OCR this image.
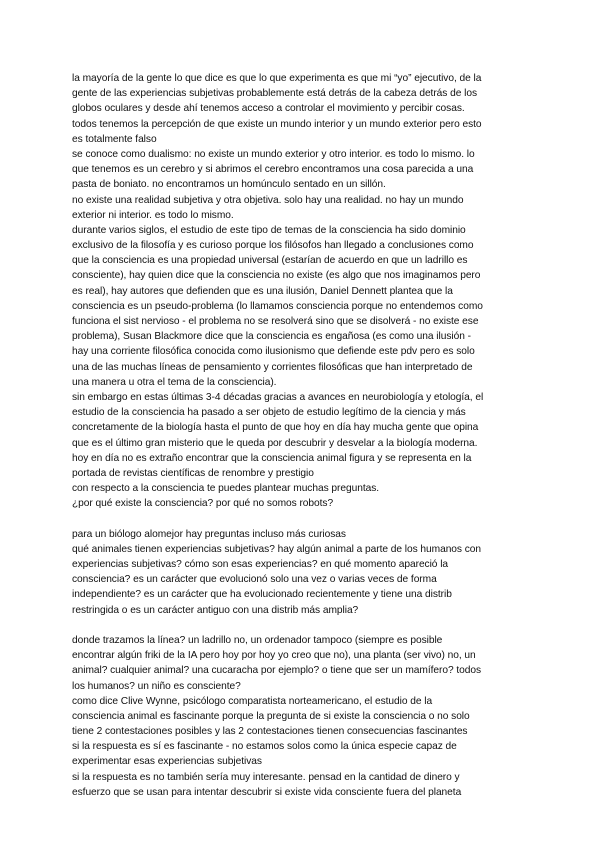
la mayoría de la gente lo que dice es que lo que experimenta es que mi “yo” ejecutivo, de la
gente de las experiencias subjetivas probablemente está detrás de la cabeza detrás de los
globos oculares y desde ahí tenemos acceso a controlar el movimiento y percibir cosas.
todos tenemos la percepción de que existe un mundo interior y un mundo exterior pero esto
es totalmente falso
se conoce como dualismo: no existe un mundo exterior y otro interior. es todo lo mismo. lo
que tenemos es un cerebro y si abrimos el cerebro encontramos una cosa parecida a una
pasta de boniato. no encontramos un homúnculo sentado en un sillón.
no existe una realidad subjetiva y otra objetiva. solo hay una realidad. no hay un mundo
exterior ni interior. es todo lo mismo.
durante varios siglos, el estudio de este tipo de temas de la consciencia ha sido dominio
exclusivo de la filosofía y es curioso porque los filósofos han llegado a conclusiones como
que la consciencia es una propiedad universal (estarían de acuerdo en que un ladrillo es
consciente), hay quien dice que la consciencia no existe (es algo que nos imaginamos pero
es real), hay autores que defienden que es una ilusión, Daniel Dennett plantea que la
consciencia es un pseudo-problema (lo llamamos consciencia porque no entendemos como
funciona el sist nervioso - el problema no se resolverá sino que se disolverá - no existe ese
problema), Susan Blackmore dice que la consciencia es engañosa (es como una ilusión -
hay una corriente filosófica conocida como ilusionismo que defiende este pdv pero es solo
una de las muchas líneas de pensamiento y corrientes filosóficas que han interpretado de
una manera u otra el tema de la consciencia).
sin embargo en estas últimas 3-4 décadas gracias a avances en neurobiología y etología, el
estudio de la consciencia ha pasado a ser objeto de estudio legítimo de la ciencia y más
concretamente de la biología hasta el punto de que hoy en día hay mucha gente que opina
que es el último gran misterio que le queda por descubrir y desvelar a la biología moderna.
hoy en día no es extraño encontrar que la consciencia animal figura y se representa en la
portada de revistas científicas de renombre y prestigio
con respecto a la consciencia te puedes plantear muchas preguntas.
¿por qué existe la consciencia? por qué no somos robots?
para un biólogo alomejor hay preguntas incluso más curiosas
qué animales tienen experiencias subjetivas? hay algún animal a parte de los humanos con
experiencias subjetivas? cómo son esas experiencias? en qué momento apareció la
consciencia? es un carácter que evolucionó solo una vez o varias veces de forma
independiente? es un carácter que ha evolucionado recientemente y tiene una distrib
restringida o es un carácter antiguo con una distrib más amplia?
donde trazamos la línea? un ladrillo no, un ordenador tampoco (siempre es posible
encontrar algún friki de la IA pero hoy por hoy yo creo que no), una planta (ser vivo) no, un
animal? cualquier animal? una cucaracha por ejemplo? o tiene que ser un mamífero? todos
los humanos? un niño es consciente?
como dice Clive Wynne, psicólogo comparatista norteamericano, el estudio de la
consciencia animal es fascinante porque la pregunta de si existe la consciencia o no solo
tiene 2 contestaciones posibles y las 2 contestaciones tienen consecuencias fascinantes
si la respuesta es sí es fascinante - no estamos solos como la única especie capaz de
experimentar esas experiencias subjetivas
si la respuesta es no también sería muy interesante. pensad en la cantidad de dinero y
esfuerzo que se usan para intentar descubrir si existe vida consciente fuera del planeta
